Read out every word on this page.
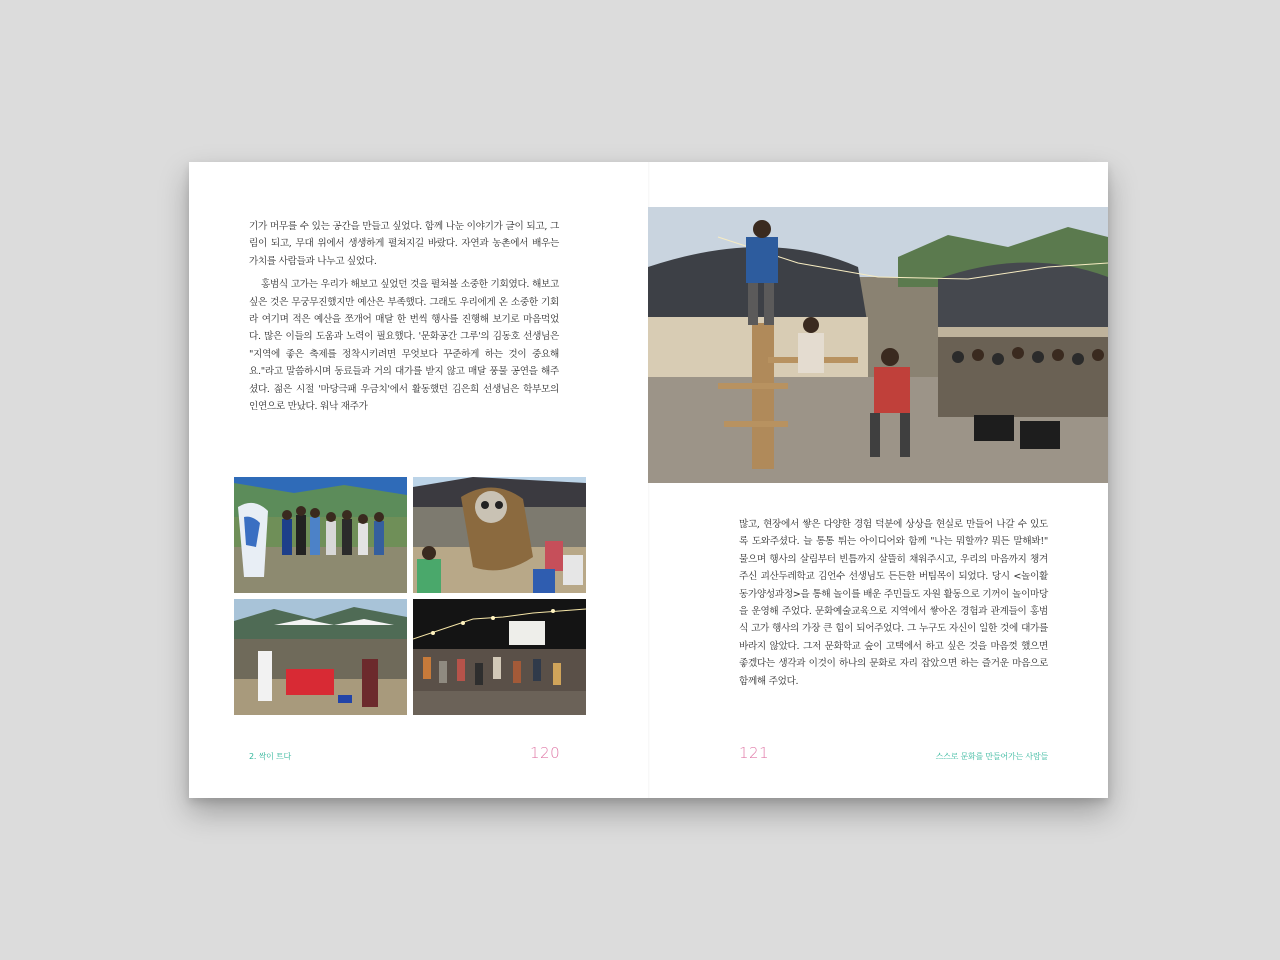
기가 머무를 수 있는 공간을 만들고 싶었다. 함께 나눈 이야기가 글이 되고, 그림이 되고, 무대 위에서 생생하게 펼쳐지길 바랐다. 자연과 농촌에서 배우는 가치를 사람들과 나누고 싶었다.

홍범식 고가는 우리가 해보고 싶었던 것을 펼쳐볼 소중한 기회였다. 해보고 싶은 것은 무궁무진했지만 예산은 부족했다. 그래도 우리에게 온 소중한 기회라 여기며 적은 예산을 쪼개어 매달 한 번씩 행사를 진행해 보기로 마음먹었다. 많은 이들의 도움과 노력이 필요했다. '문화공간 그루'의 김동호 선생님은 "지역에 좋은 축제를 정착시키려면 무엇보다 꾸준하게 하는 것이 중요해요."라고 말씀하시며 동료들과 거의 대가를 받지 않고 매달 풍물 공연을 해주셨다. 젊은 시절 '마당극패 우금치'에서 활동했던 김은희 선생님은 학부모의 인연으로 만났다. 워낙 재주가

많고, 현장에서 쌓은 다양한 경험 덕분에 상상을 현실로 만들어 나갈 수 있도록 도와주셨다. 늘 통통 튀는 아이디어와 함께 "나는 뭐할까? 뭐든 말해봐!" 물으며 행사의 살림부터 빈틈까지 살뜰히 채워주시고, 우리의 마음까지 챙겨주신 괴산두레학교 김언수 선생님도 든든한 버팀목이 되었다. 당시 <놀이활동가양성과정>을 통해 놀이를 배운 주민들도 자원 활동으로 기꺼이 놀이마당을 운영해 주었다. 문화예술교육으로 지역에서 쌓아온 경험과 관계들이 홍범식 고가 행사의 가장 큰 힘이 되어주었다. 그 누구도 자신이 일한 것에 대가를 바라지 않았다. 그저 문화학교 숲이 고택에서 하고 싶은 것을 마음껏 했으면 좋겠다는 생각과 이것이 하나의 문화로 자리 잡았으면 하는 즐거운 마음으로 함께해 주었다.

2. 싹이 트다	120	121	스스로 문화를 만들어가는 사람들
